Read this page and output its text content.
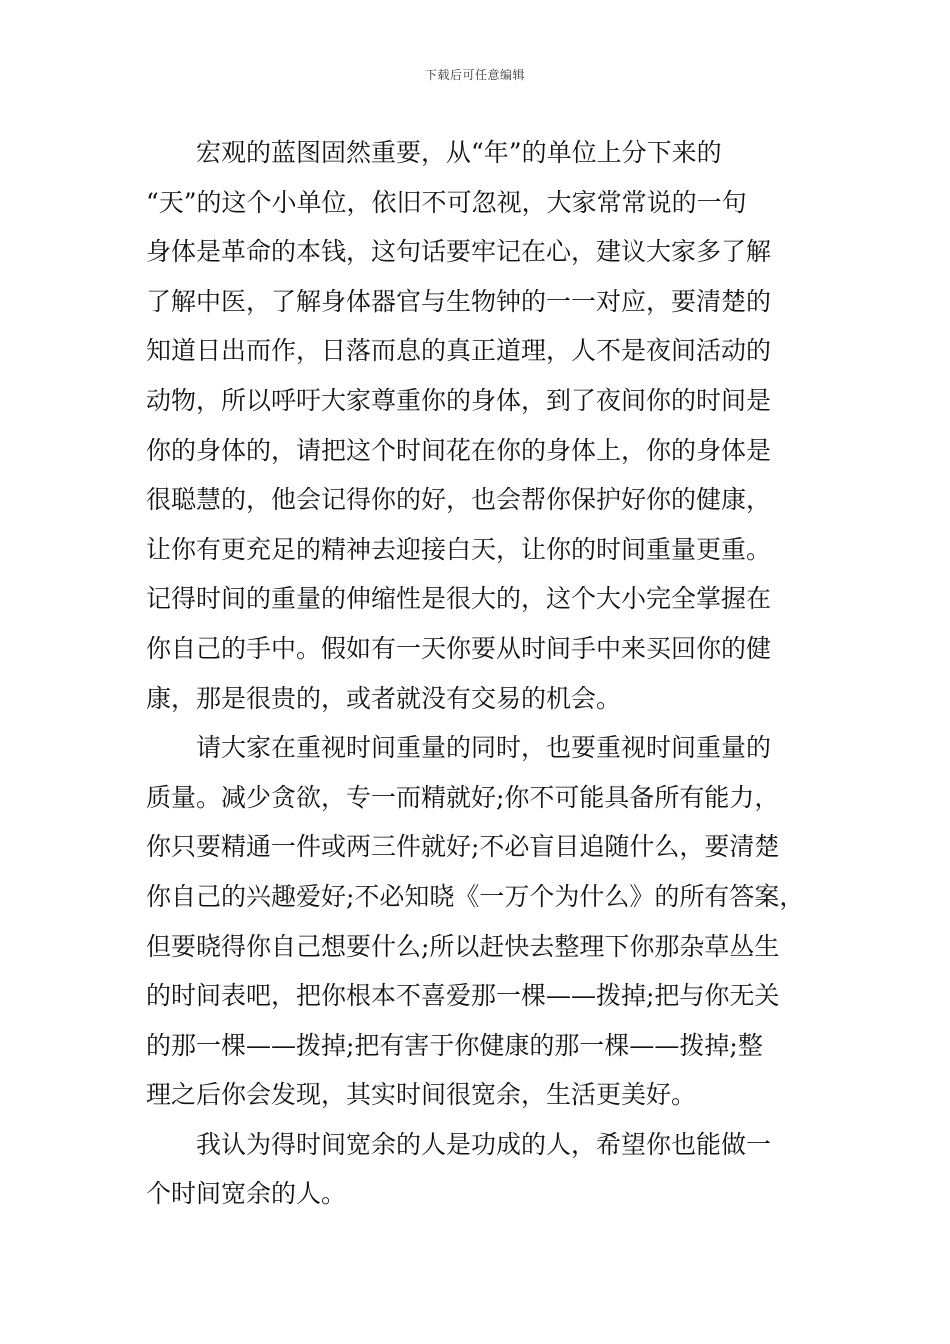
下载后可任意编辑
宏观的蓝图固然重要，从“年”的单位上分下来的
“天”的这个小单位，依旧不可忽视，大家常常说的一句
身体是革命的本钱，这句话要牢记在心，建议大家多了解
了解中医，了解身体器官与生物钟的一一对应，要清楚的
知道日出而作，日落而息的真正道理，人不是夜间活动的
动物，所以呼吁大家尊重你的身体，到了夜间你的时间是
你的身体的，请把这个时间花在你的身体上，你的身体是
很聪慧的，他会记得你的好，也会帮你保护好你的健康，
让你有更充足的精神去迎接白天，让你的时间重量更重。
记得时间的重量的伸缩性是很大的，这个大小完全掌握在
你自己的手中。假如有一天你要从时间手中来买回你的健
康，那是很贵的，或者就没有交易的机会。
请大家在重视时间重量的同时，也要重视时间重量的
质量。减少贪欲，专一而精就好;你不可能具备所有能力，
你只要精通一件或两三件就好;不必盲目追随什么，要清楚
你自己的兴趣爱好;不必知晓《一万个为什么》的所有答案，
但要晓得你自己想要什么;所以赶快去整理下你那杂草丛生
的时间表吧，把你根本不喜爱那一棵——拨掉;把与你无关
的那一棵——拨掉;把有害于你健康的那一棵——拨掉;整
理之后你会发现，其实时间很宽余，生活更美好。
我认为得时间宽余的人是功成的人，希望你也能做一
个时间宽余的人。
